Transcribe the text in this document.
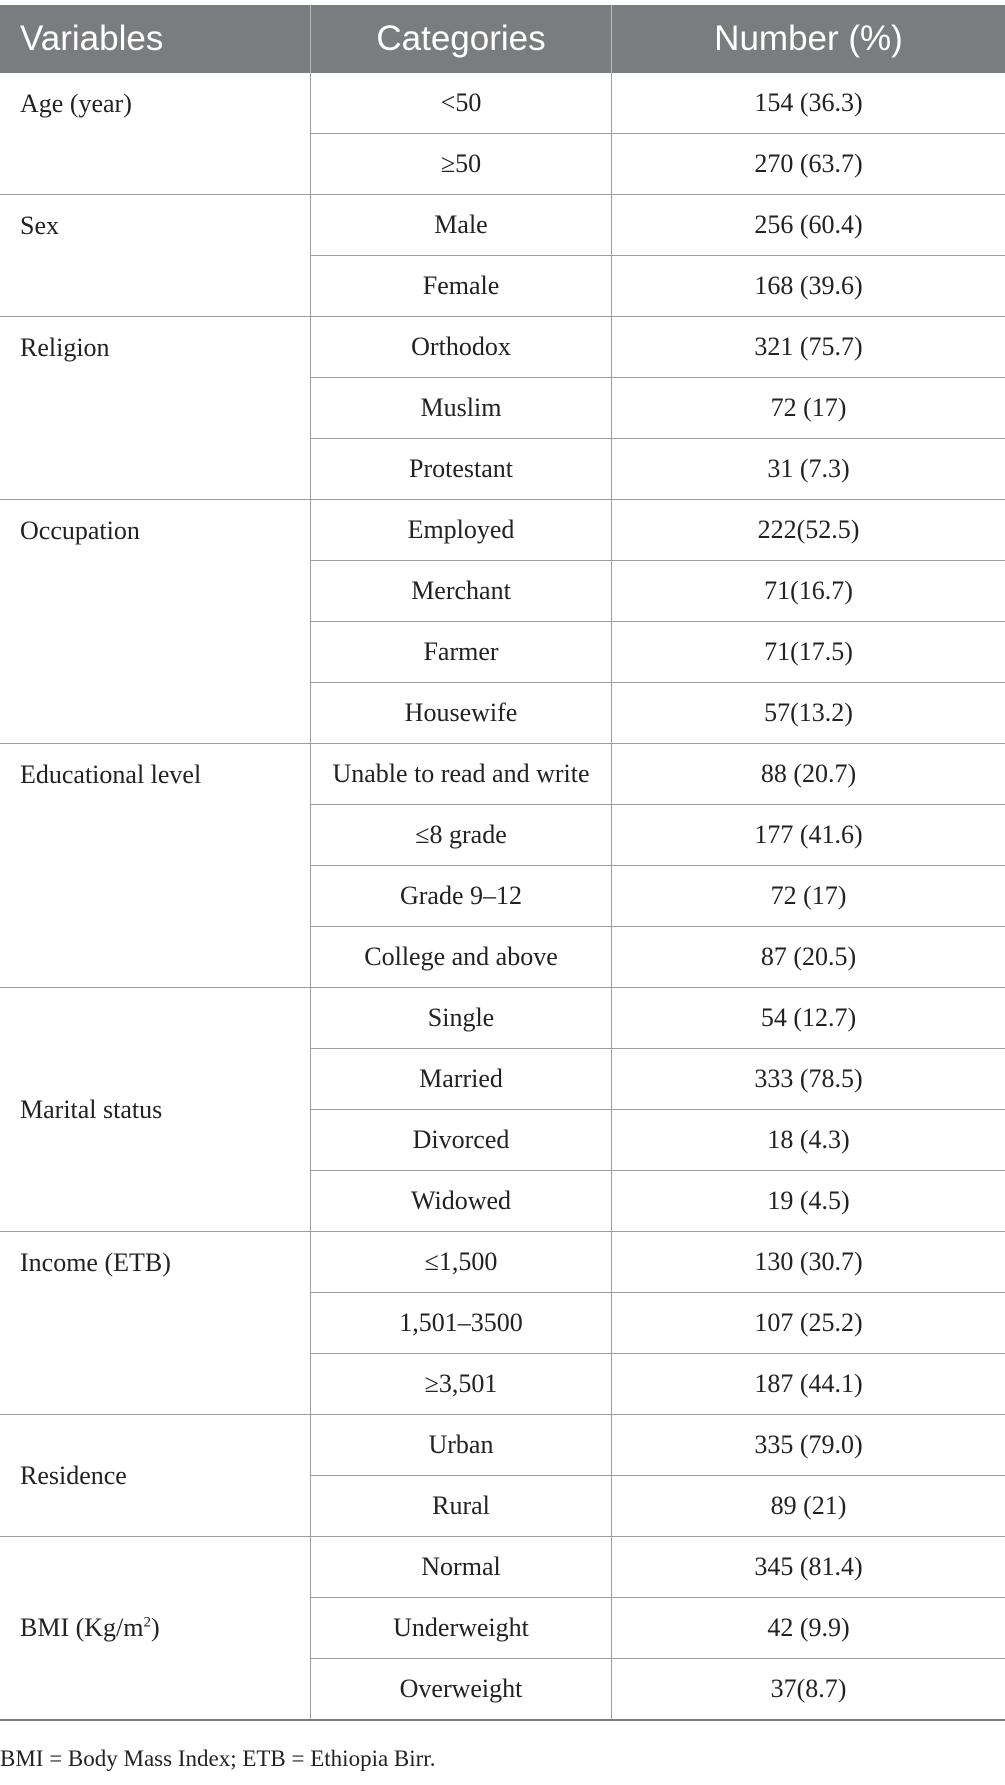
Variables	Categories	Number (%)
Age (year)	<50	154 (36.3)
	≥50	270 (63.7)
Sex	Male	256 (60.4)
	Female	168 (39.6)
Religion	Orthodox	321 (75.7)
	Muslim	72 (17)
	Protestant	31 (7.3)
Occupation	Employed	222(52.5)
	Merchant	71(16.7)
	Farmer	71(17.5)
	Housewife	57(13.2)
Educational level	Unable to read and write	88 (20.7)
	≤8 grade	177 (41.6)
	Grade 9–12	72 (17)
	College and above	87 (20.5)
Marital status	Single	54 (12.7)
	Married	333 (78.5)
	Divorced	18 (4.3)
	Widowed	19 (4.5)
Income (ETB)	≤1,500	130 (30.7)
	1,501–3500	107 (25.2)
	≥3,501	187 (44.1)
Residence	Urban	335 (79.0)
	Rural	89 (21)
BMI $(Kg/m^2)$	Normal	345 (81.4)
	Underweight	42 (9.9)
	Overweight	37(8.7)
BMI = Body Mass Index; ETB = Ethiopia Birr.
